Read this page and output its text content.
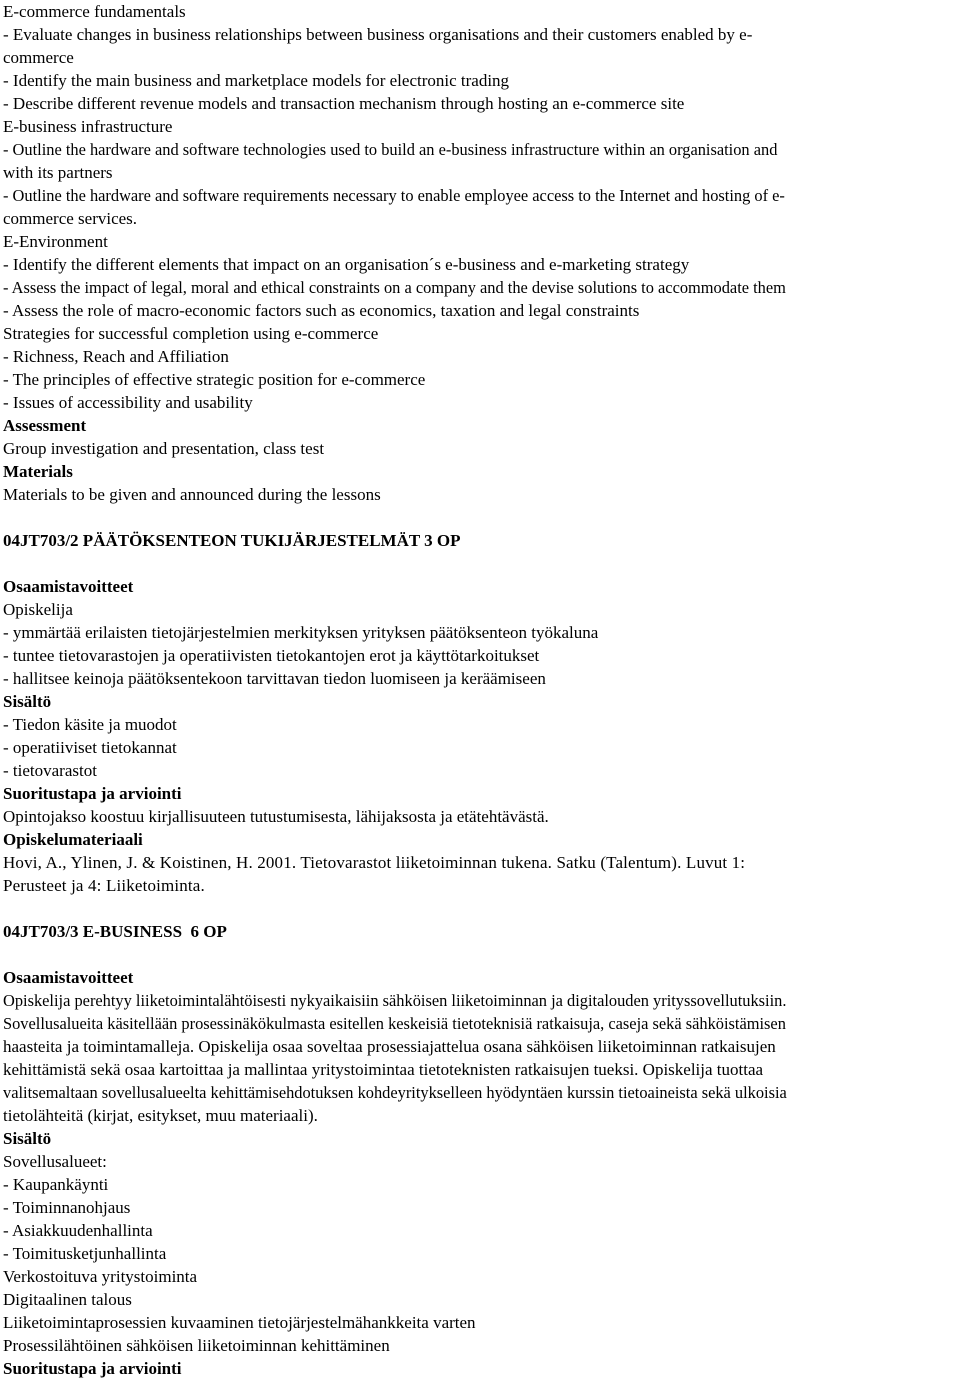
E-commerce fundamentals
- Evaluate changes in business relationships between business organisations and their customers enabled by e-
commerce
- Identify the main business and marketplace models for electronic trading
- Describe different revenue models and transaction mechanism through hosting an e-commerce site
E-business infrastructure
- Outline the hardware and software technologies used to build an e-business infrastructure within an organisation and
with its partners
- Outline the hardware and software requirements necessary to enable employee access to the Internet and hosting of e-
commerce services.
E-Environment
- Identify the different elements that impact on an organisation´s e-business and e-marketing strategy
- Assess the impact of legal, moral and ethical constraints on a company and the devise solutions to accommodate them
- Assess the role of macro-economic factors such as economics, taxation and legal constraints
Strategies for successful completion using e-commerce
- Richness, Reach and Affiliation
- The principles of effective strategic position for e-commerce
- Issues of accessibility and usability
Assessment
Group investigation and presentation, class test
Materials
Materials to be given and announced during the lessons
04JT703/2 PÄÄTÖKSENTEON TUKIJÄRJESTELMÄT 3 OP
Osaamistavoitteet
Opiskelija
- ymmärtää erilaisten tietojärjestelmien merkityksen yrityksen päätöksenteon työkaluna
- tuntee tietovarastojen ja operatiivisten tietokantojen erot ja käyttötarkoitukset
- hallitsee keinoja päätöksentekoon tarvittavan tiedon luomiseen ja keräämiseen
Sisältö
- Tiedon käsite ja muodot
- operatiiviset tietokannat
- tietovarastot
Suoritustapa ja arviointi
Opintojakso koostuu kirjallisuuteen tutustumisesta, lähijaksosta ja etätehtävästä.
Opiskelumateriaali
Hovi, A., Ylinen, J. & Koistinen, H. 2001. Tietovarastot liiketoiminnan tukena. Satku (Talentum). Luvut 1:
Perusteet ja 4: Liiketoiminta.
04JT703/3 E-BUSINESS  6 OP
Osaamistavoitteet
Opiskelija perehtyy liiketoimintalähtöisesti nykyaikaisiin sähköisen liiketoiminnan ja digitalouden yrityssovellutuksiin.
Sovellusalueita käsitellään prosessinäkökulmasta esitellen keskeisiä tietoteknisiä ratkaisuja, caseja sekä sähköistämisen
haasteita ja toimintamalleja. Opiskelija osaa soveltaa prosessiajattelua osana sähköisen liiketoiminnan ratkaisujen
kehittämistä sekä osaa kartoittaa ja mallintaa yritystoimintaa tietoteknisten ratkaisujen tueksi. Opiskelija tuottaa
valitsemaltaan sovellusalueelta kehittämisehdotuksen kohdeyritykselleen hyödyntäen kurssin tietoaineista sekä ulkoisia
tietolähteitä (kirjat, esitykset, muu materiaali).
Sisältö
Sovellusalueet:
- Kaupankäynti
- Toiminnanohjaus
- Asiakkuudenhallinta
- Toimitusketjunhallinta
Verkostoituva yritystoiminta
Digitaalinen talous
Liiketoimintaprosessien kuvaaminen tietojärjestelmähankkeita varten
Prosessilähtöinen sähköisen liiketoiminnan kehittäminen
Suoritustapa ja arviointi
